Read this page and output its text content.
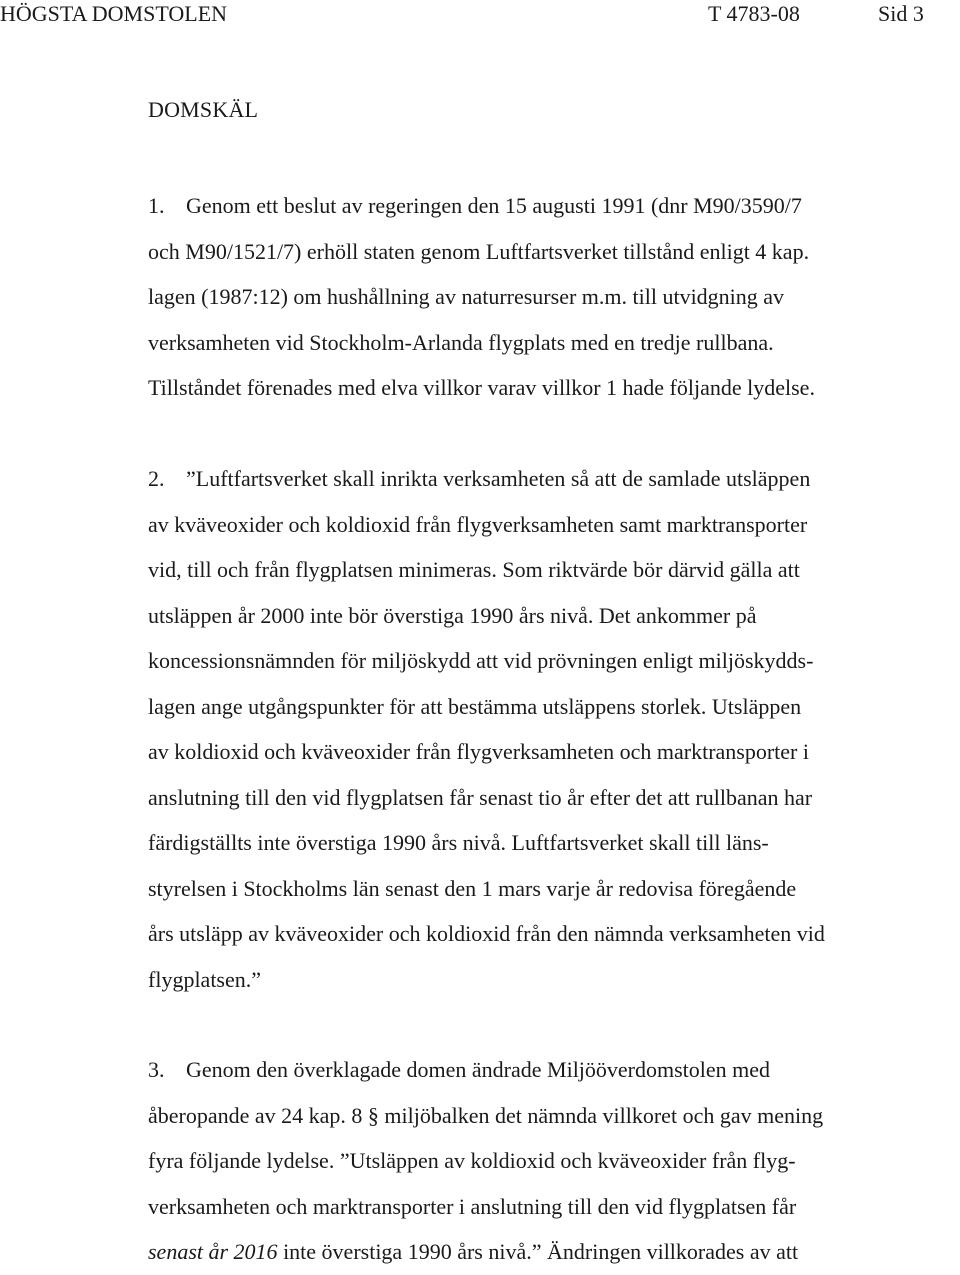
HÖGSTA DOMSTOLEN	T 4783-08	Sid 3
DOMSKÄL
1. Genom ett beslut av regeringen den 15 augusti 1991 (dnr M90/3590/7
och M90/1521/7) erhöll staten genom Luftfartsverket tillstånd enligt 4 kap.
lagen (1987:12) om hushållning av naturresurser m.m. till utvidgning av
verksamheten vid Stockholm-Arlanda flygplats med en tredje rullbana.
Tillståndet förenades med elva villkor varav villkor 1 hade följande lydelse.
2. ”Luftfartsverket skall inrikta verksamheten så att de samlade utsläppen
av kväveoxider och koldioxid från flygverksamheten samt marktransporter
vid, till och från flygplatsen minimeras. Som riktvärde bör därvid gälla att
utsläppen år 2000 inte bör överstiga 1990 års nivå. Det ankommer på
koncessionsnämnden för miljöskydd att vid prövningen enligt miljöskydds-
lagen ange utgångspunkter för att bestämma utsläppens storlek. Utsläppen
av koldioxid och kväveoxider från flygverksamheten och marktransporter i
anslutning till den vid flygplatsen får senast tio år efter det att rullbanan har
färdigställts inte överstiga 1990 års nivå. Luftfartsverket skall till läns-
styrelsen i Stockholms län senast den 1 mars varje år redovisa föregående
års utsläpp av kväveoxider och koldioxid från den nämnda verksamheten vid
flygplatsen.”
3. Genom den överklagade domen ändrade Miljööverdomstolen med
åberopande av 24 kap. 8 § miljöbalken det nämnda villkoret och gav mening
fyra följande lydelse. ”Utsläppen av koldioxid och kväveoxider från flyg-
verksamheten och marktransporter i anslutning till den vid flygplatsen får
senast år 2016 inte överstiga 1990 års nivå.” Ändringen villkorades av att
